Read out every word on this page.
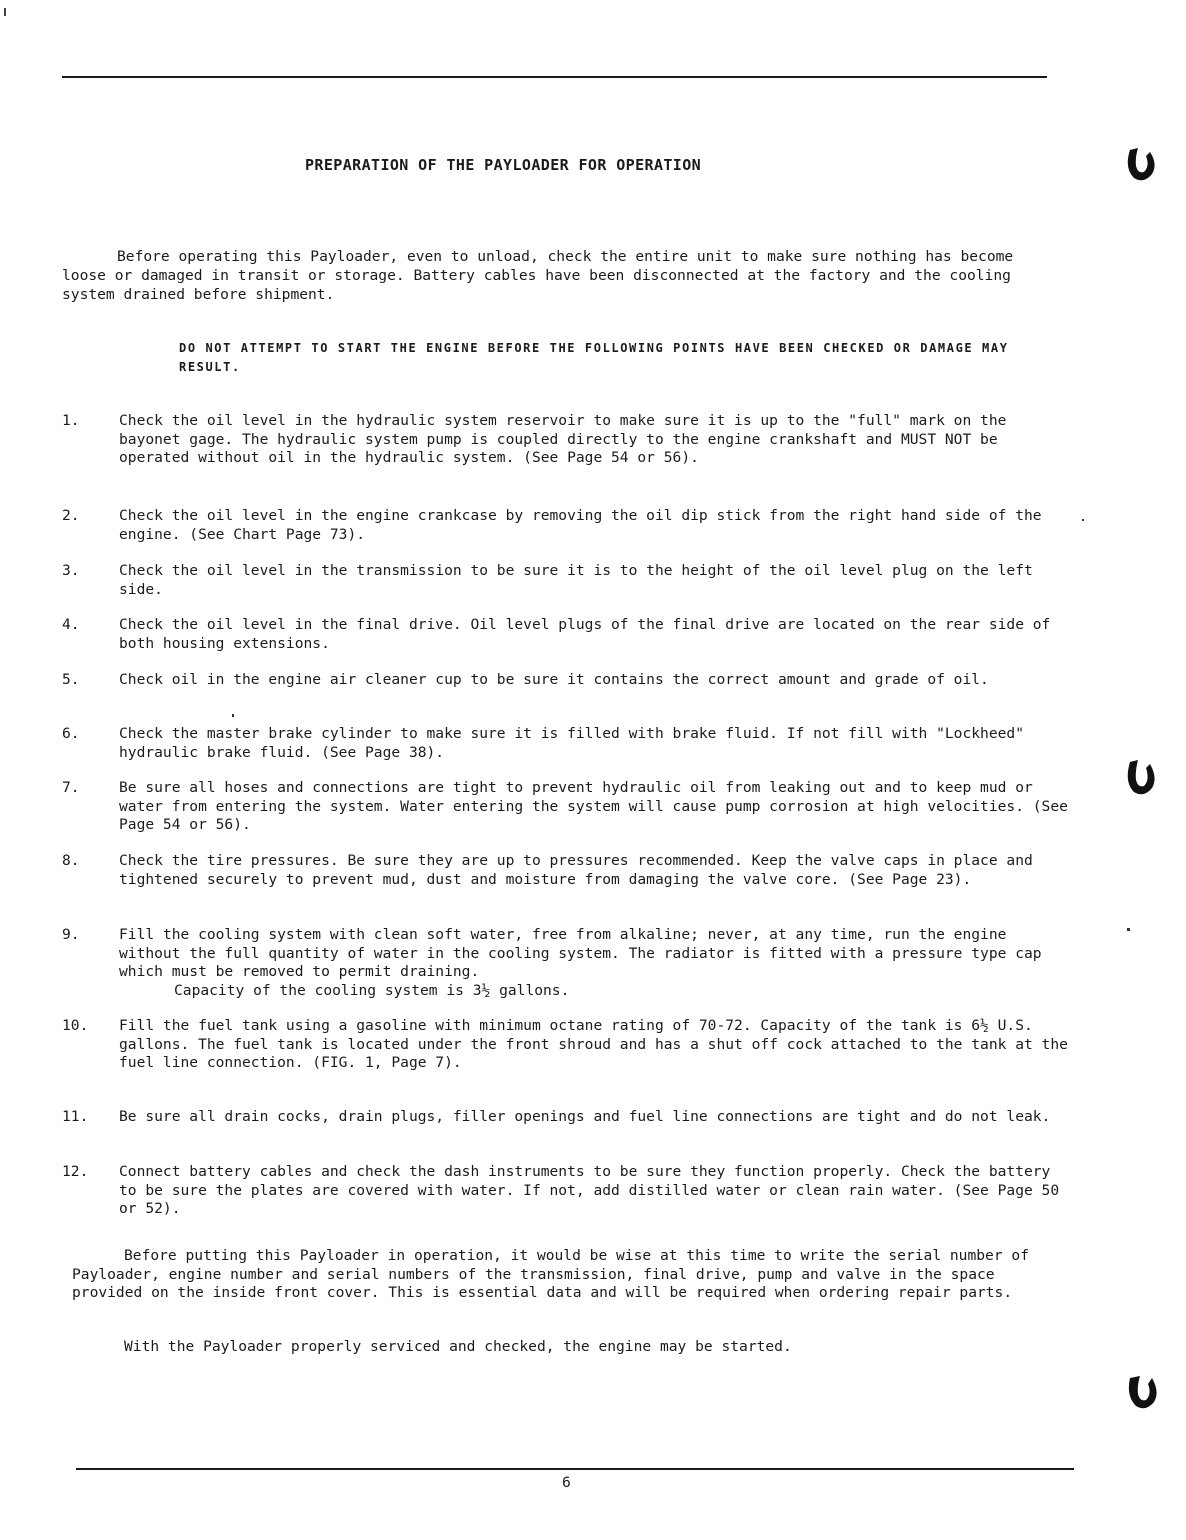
PREPARATION OF THE PAYLOADER FOR OPERATION

Before operating this Payloader, even to unload, check the entire unit to make sure nothing has become loose or damaged in transit or storage. Battery cables have been disconnected at the factory and the cooling system drained before shipment.

DO NOT ATTEMPT TO START THE ENGINE BEFORE THE FOLLOWING POINTS HAVE BEEN CHECKED OR DAMAGE MAY RESULT.
1.	Check the oil level in the hydraulic system reservoir to make sure it is up to the "full" mark on the bayonet gage. The hydraulic system pump is coupled directly to the engine crankshaft and MUST NOT be operated without oil in the hydraulic system. (See Page 54 or 56).
2.	Check the oil level in the engine crankcase by removing the oil dip stick from the right hand side of the engine. (See Chart Page 73).
3.	Check the oil level in the transmission to be sure it is to the height of the oil level plug on the left side.
4.	Check the oil level in the final drive. Oil level plugs of the final drive are located on the rear side of both housing extensions.
5.	Check oil in the engine air cleaner cup to be sure it contains the correct amount and grade of oil.
6.	Check the master brake cylinder to make sure it is filled with brake fluid. If not fill with "Lockheed" hydraulic brake fluid. (See Page 38).
7.	Be sure all hoses and connections are tight to prevent hydraulic oil from leaking out and to keep mud or water from entering the system. Water entering the system will cause pump corrosion at high velocities. (See Page 54 or 56).
8.	Check the tire pressures. Be sure they are up to pressures recommended. Keep the valve caps in place and tightened securely to prevent mud, dust and moisture from damaging the valve core. (See Page 23).
9.	Fill the cooling system with clean soft water, free from alkaline; never, at any time, run the engine without the full quantity of water in the cooling system. The radiator is fitted with a pressure type cap which must be removed to permit draining.
Capacity of the cooling system is 3½ gallons.
10.	Fill the fuel tank using a gasoline with minimum octane rating of 70-72. Capacity of the tank is 6½ U.S. gallons. The fuel tank is located under the front shroud and has a shut off cock attached to the tank at the fuel line connection. (FIG. 1, Page 7).
11.	Be sure all drain cocks, drain plugs, filler openings and fuel line connections are tight and do not leak.
12.	Connect battery cables and check the dash instruments to be sure they function properly. Check the battery to be sure the plates are covered with water. If not, add distilled water or clean rain water. (See Page 50 or 52).

Before putting this Payloader in operation, it would be wise at this time to write the serial number of Payloader, engine number and serial numbers of the transmission, final drive, pump and valve in the space provided on the inside front cover. This is essential data and will be required when ordering repair parts.

With the Payloader properly serviced and checked, the engine may be started.

6
